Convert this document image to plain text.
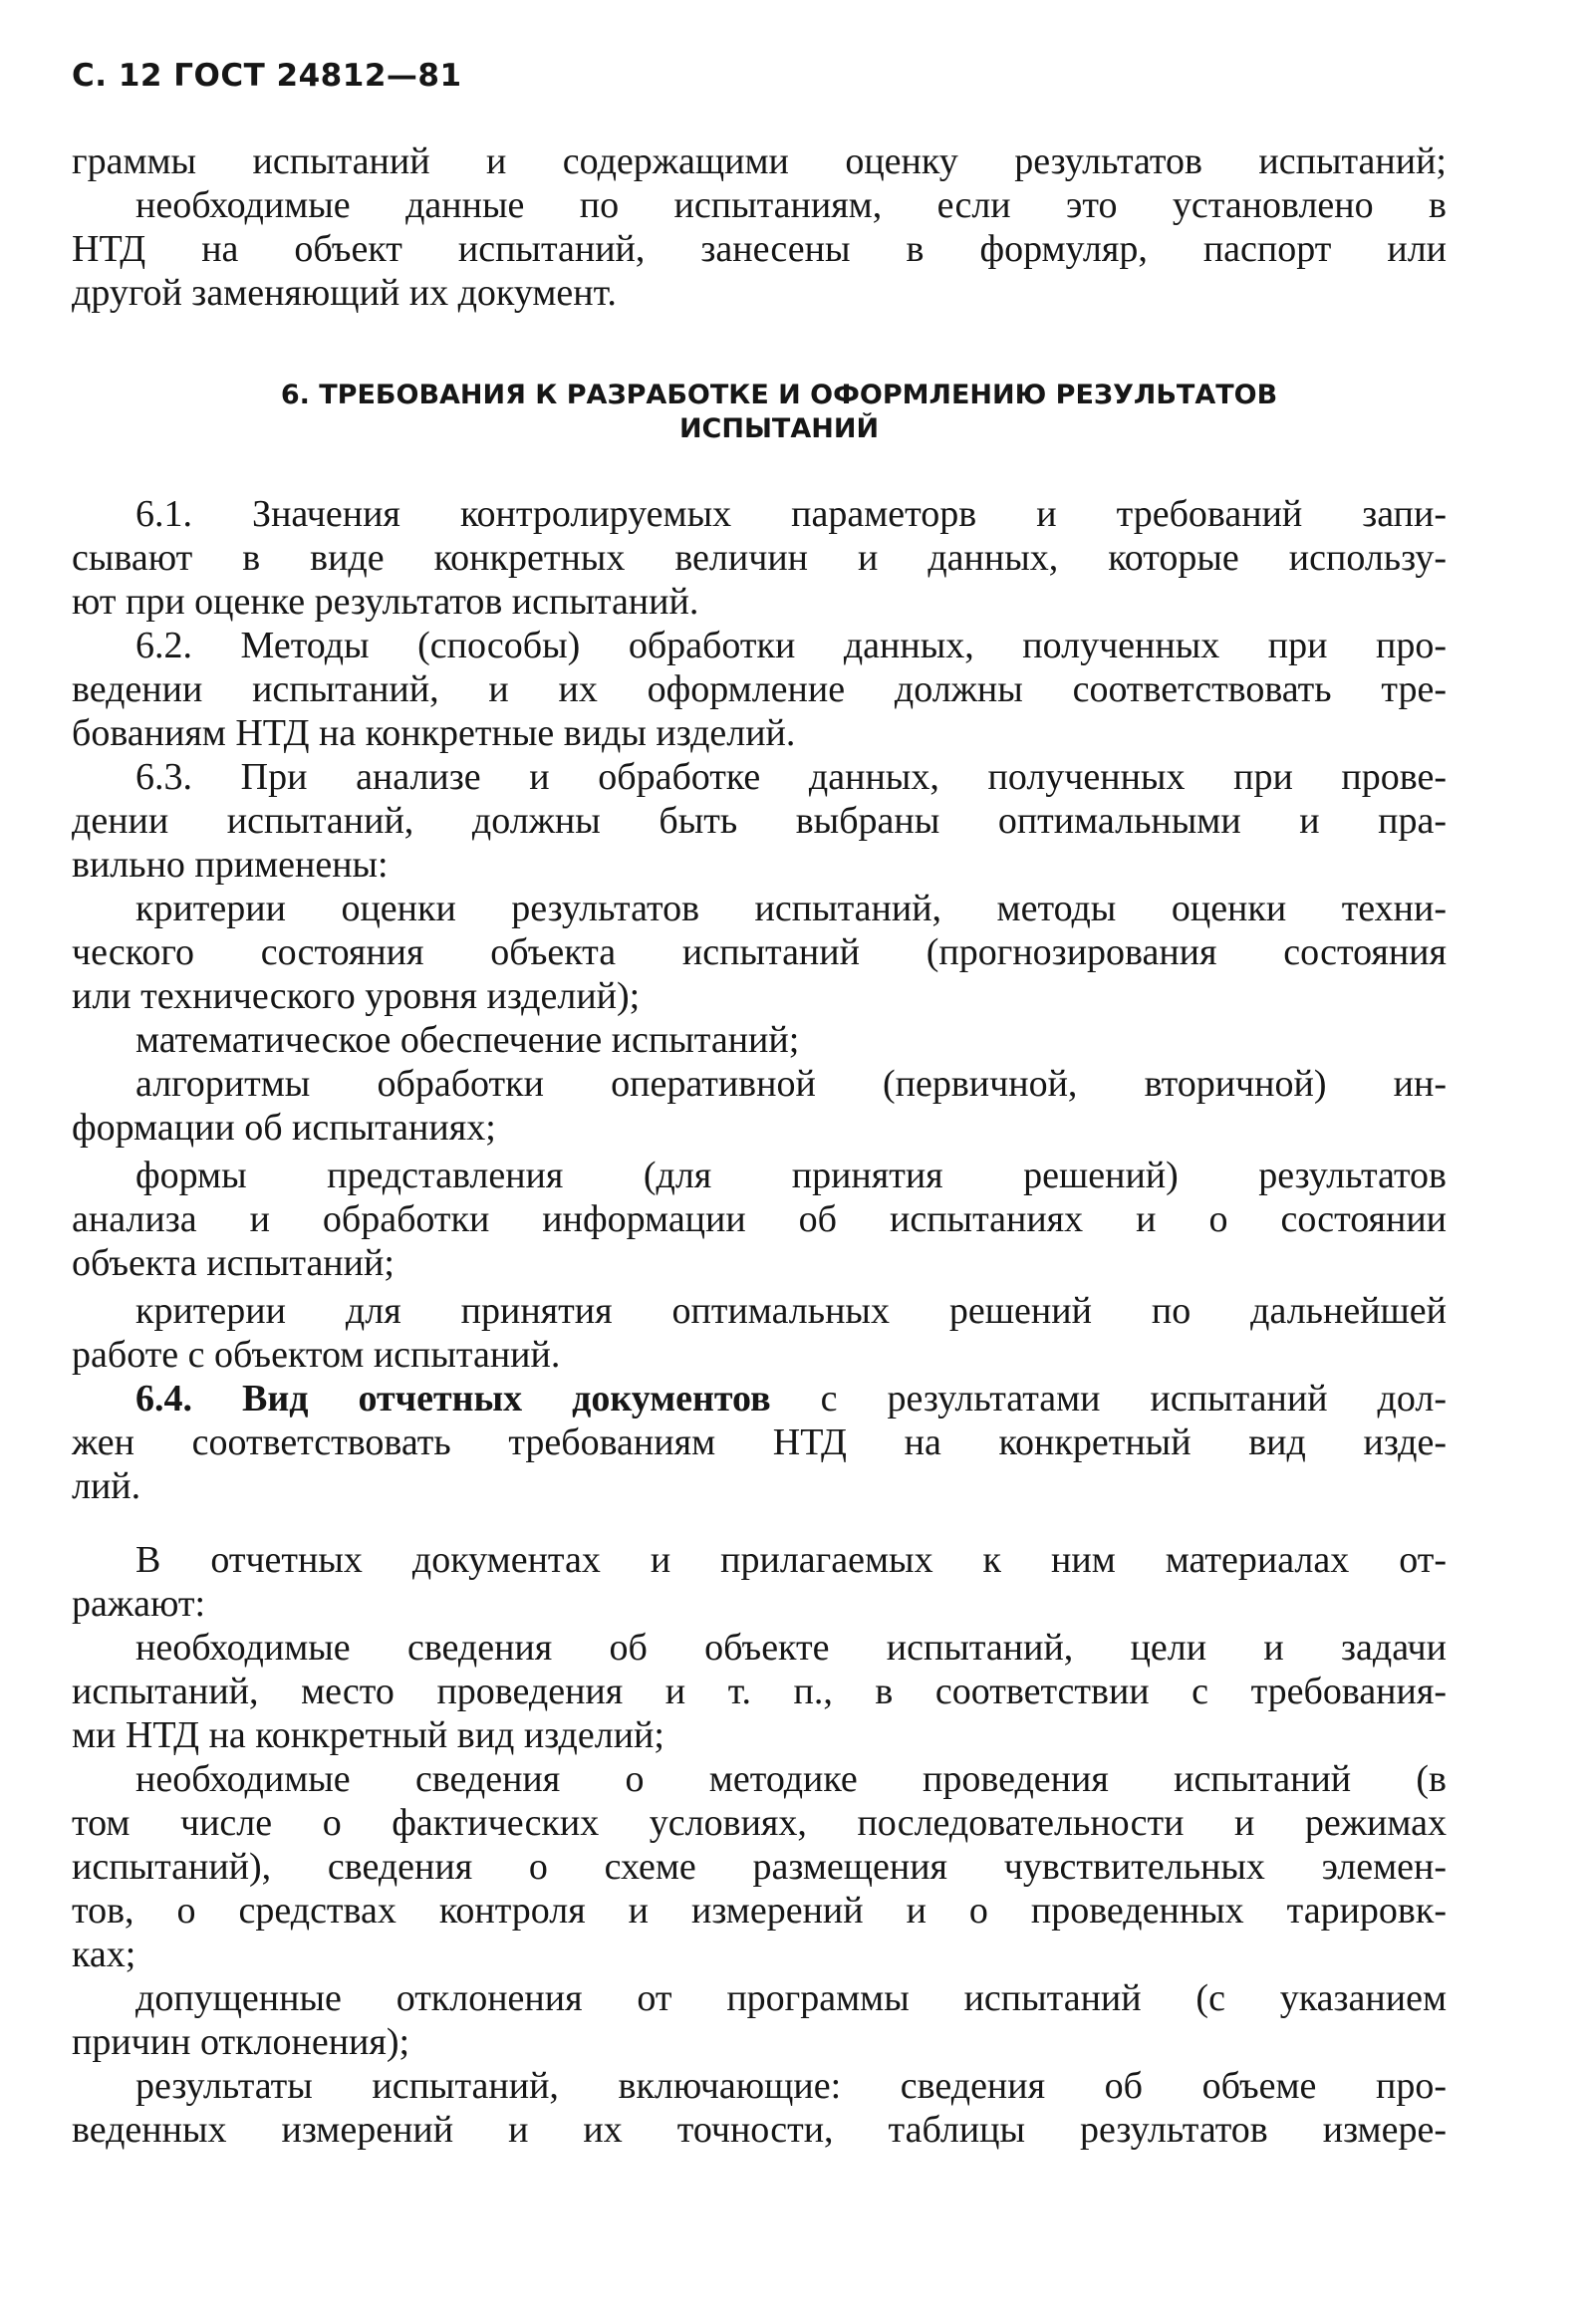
С. 12 ГОСТ 24812—81

граммы испытаний и содержащими оценку результатов испытаний;

необходимые данные по испытаниям, если это установлено в

НТД на объект испытаний, занесены в формуляр, паспорт или

другой заменяющий их документ.

6. ТРЕБОВАНИЯ К РАЗРАБОТКЕ И ОФОРМЛЕНИЮ РЕЗУЛЬТАТОВ
ИСПЫТАНИЙ

6.1. Значения контролируемых параметорв и требований запи-

сывают в виде конкретных величин и данных, которые использу-

ют при оценке результатов испытаний.

6.2. Методы (способы) обработки данных, полученных при про-

ведении испытаний, и их оформление должны соответствовать тре-

бованиям НТД на конкретные виды изделий.

6.3. При анализе и обработке данных, полученных при прове-

дении испытаний, должны быть выбраны оптимальными и пра-

вильно применены:

критерии оценки результатов испытаний, методы оценки техни-

ческого состояния объекта испытаний (прогнозирования состояния

или технического уровня изделий);

математическое обеспечение испытаний;

алгоритмы обработки оперативной (первичной, вторичной) ин-

формации об испытаниях;

формы представления (для принятия решений) результатов

анализа и обработки информации об испытаниях и о состоянии

объекта испытаний;

критерии для принятия оптимальных решений по дальнейшей

работе с объектом испытаний.

6.4. Вид отчетных документов с результатами испытаний дол-

жен соответствовать требованиям НТД на конкретный вид изде-

лий.

В отчетных документах и прилагаемых к ним материалах от-

ражают:

необходимые сведения об объекте испытаний, цели и задачи

испытаний, место проведения и т. п., в соответствии с требования-

ми НТД на конкретный вид изделий;

необходимые сведения о методике проведения испытаний (в

том числе о фактических условиях, последовательности и режимах

испытаний), сведения о схеме размещения чувствительных элемен-

тов, о средствах контроля и измерений и о проведенных тарировк-

ках;

допущенные отклонения от программы испытаний (с указанием

причин отклонения);

результаты испытаний, включающие: сведения об объеме про-

веденных измерений и их точности, таблицы результатов измере-
